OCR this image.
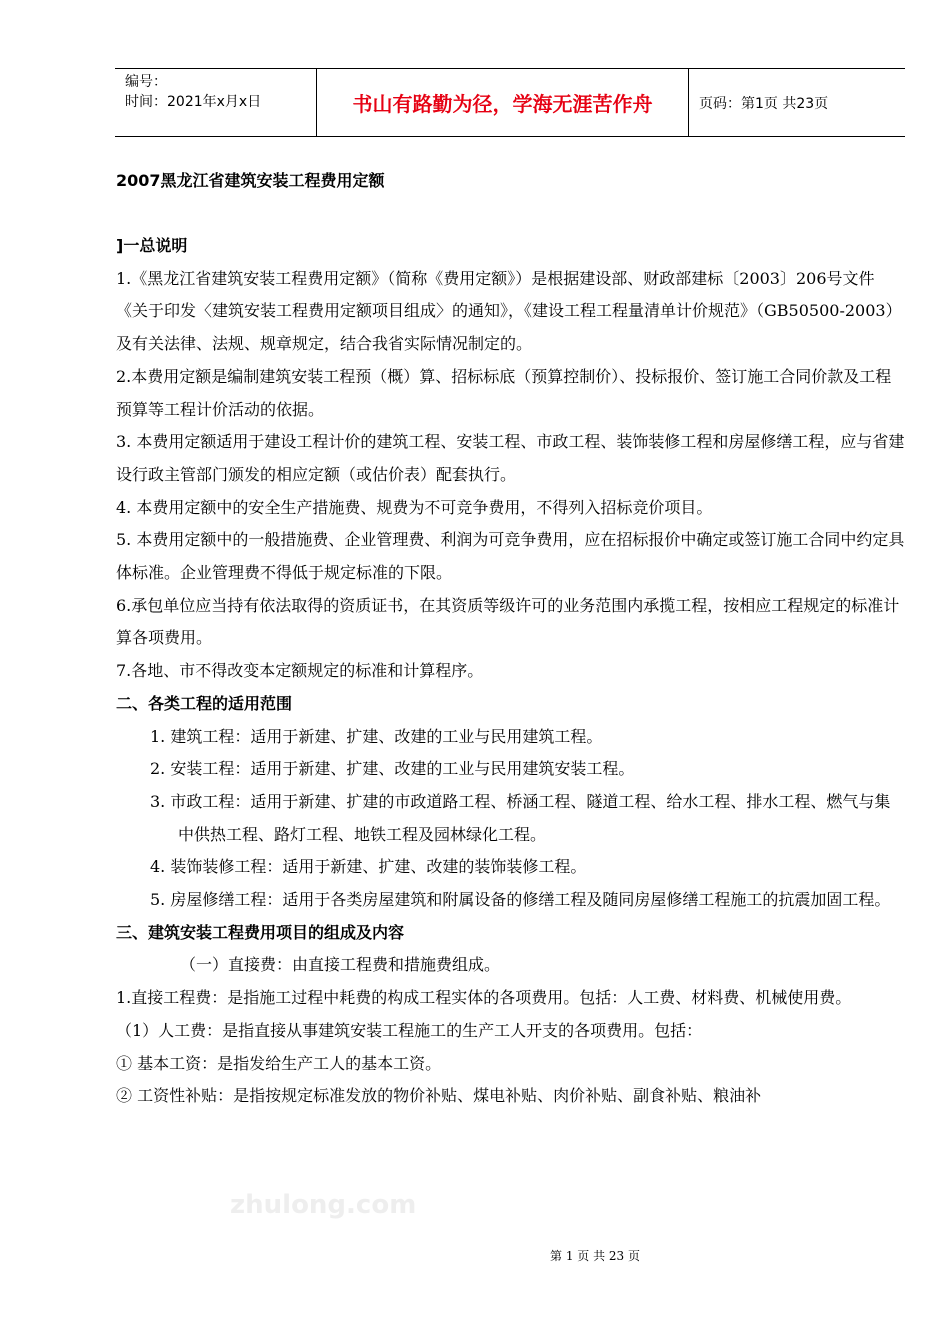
编号：
时间：2021年x月x日	书山有路勤为径，学海无涯苦作舟	页码：第1页 共23页
2007黑龙江省建筑安装工程费用定额

]一总说明

1.《黑龙江省建筑安装工程费用定额》（简称《费用定额》）是根据建设部、财政部建标〔2003〕206号文件《关于印发〈建筑安装工程费用定额项目组成〉的通知》，《建设工程工程量清单计价规范》（GB50500-2003）及有关法律、法规、规章规定，结合我省实际情况制定的。

2.本费用定额是编制建筑安装工程预（概）算、招标标底（预算控制价）、投标报价、签订施工合同价款及工程预算等工程计价活动的依据。

3. 本费用定额适用于建设工程计价的建筑工程、安装工程、市政工程、装饰装修工程和房屋修缮工程，应与省建设行政主管部门颁发的相应定额（或估价表）配套执行。

4. 本费用定额中的安全生产措施费、规费为不可竞争费用，不得列入招标竞价项目。

5. 本费用定额中的一般措施费、企业管理费、利润为可竞争费用，应在招标报价中确定或签订施工合同中约定具体标准。企业管理费不得低于规定标准的下限。

6.承包单位应当持有依法取得的资质证书，在其资质等级许可的业务范围内承揽工程，按相应工程规定的标准计算各项费用。

7.各地、市不得改变本定额规定的标准和计算程序。

二、各类工程的适用范围

1. 建筑工程：适用于新建、扩建、改建的工业与民用建筑工程。

2. 安装工程：适用于新建、扩建、改建的工业与民用建筑安装工程。

3. 市政工程：适用于新建、扩建的市政道路工程、桥涵工程、隧道工程、给水工程、排水工程、燃气与集中供热工程、路灯工程、地铁工程及园林绿化工程。

4. 装饰装修工程：适用于新建、扩建、改建的装饰装修工程。

5. 房屋修缮工程：适用于各类房屋建筑和附属设备的修缮工程及随同房屋修缮工程施工的抗震加固工程。

三、建筑安装工程费用项目的组成及内容

（一）直接费：由直接工程费和措施费组成。

1.直接工程费：是指施工过程中耗费的构成工程实体的各项费用。包括：人工费、材料费、机械使用费。

（1）人工费：是指直接从事建筑安装工程施工的生产工人开支的各项费用。包括：

① 基本工资：是指发给生产工人的基本工资。

② 工资性补贴：是指按规定标准发放的物价补贴、煤电补贴、肉价补贴、副食补贴、粮油补

zhulong.com
第 1 页 共 23 页
